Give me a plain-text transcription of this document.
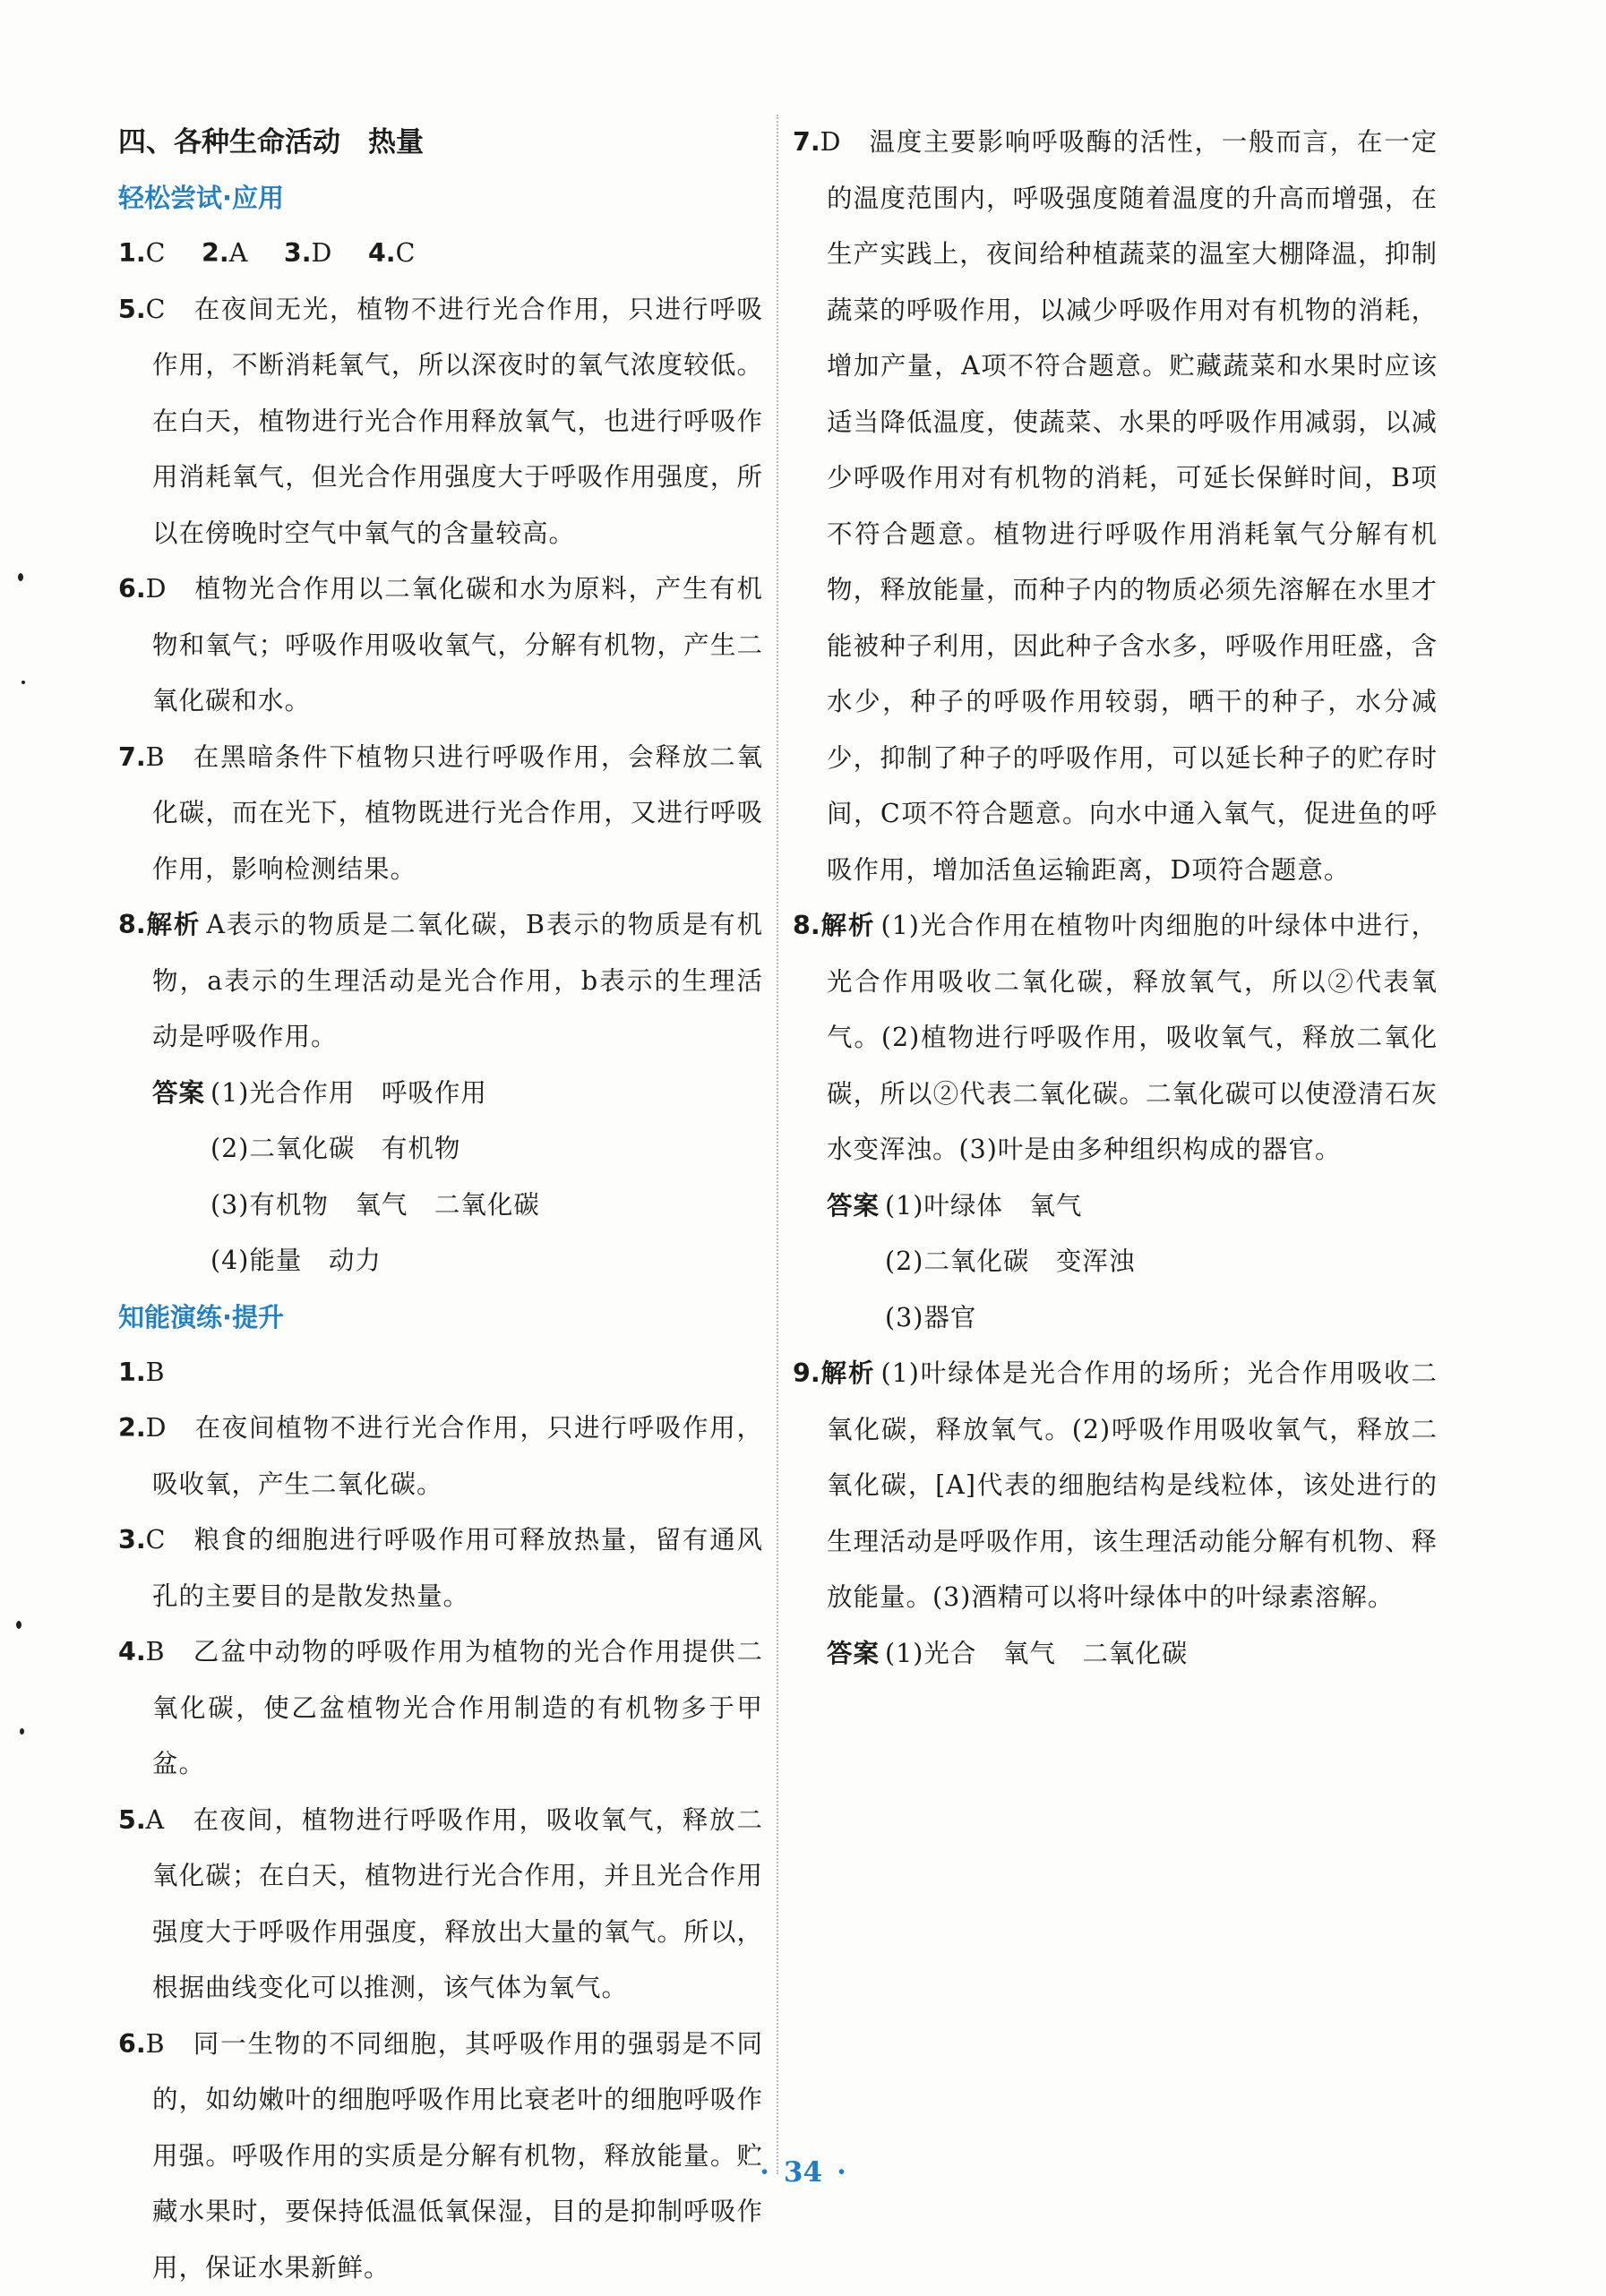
四、各种生命活动　热量
轻松尝试·应用
1.C　 2.A　 3.D　 4.C
5.C　在夜间无光，植物不进行光合作用，只进行呼吸作用，不断消耗氧气，所以深夜时的氧气浓度较低。在白天，植物进行光合作用释放氧气，也进行呼吸作用消耗氧气，但光合作用强度大于呼吸作用强度，所以在傍晚时空气中氧气的含量较高。
6.D　植物光合作用以二氧化碳和水为原料，产生有机物和氧气；呼吸作用吸收氧气，分解有机物，产生二氧化碳和水。
7.B　在黑暗条件下植物只进行呼吸作用，会释放二氧化碳，而在光下，植物既进行光合作用，又进行呼吸作用，影响检测结果。
8.解析 A表示的物质是二氧化碳，B表示的物质是有机物，a表示的生理活动是光合作用，b表示的生理活动是呼吸作用。
答案 (1)光合作用　呼吸作用
(2)二氧化碳　有机物
(3)有机物　氧气　二氧化碳
(4)能量　动力
知能演练·提升
1.B
2.D　在夜间植物不进行光合作用，只进行呼吸作用，吸收氧，产生二氧化碳。
3.C　粮食的细胞进行呼吸作用可释放热量，留有通风孔的主要目的是散发热量。
4.B　乙盆中动物的呼吸作用为植物的光合作用提供二氧化碳，使乙盆植物光合作用制造的有机物多于甲盆。
5.A　在夜间，植物进行呼吸作用，吸收氧气，释放二氧化碳；在白天，植物进行光合作用，并且光合作用强度大于呼吸作用强度，释放出大量的氧气。所以，根据曲线变化可以推测，该气体为氧气。
6.B　同一生物的不同细胞，其呼吸作用的强弱是不同的，如幼嫩叶的细胞呼吸作用比衰老叶的细胞呼吸作用强。呼吸作用的实质是分解有机物，释放能量。贮藏水果时，要保持低温低氧保湿，目的是抑制呼吸作用，保证水果新鲜。
7.D　温度主要影响呼吸酶的活性，一般而言，在一定的温度范围内，呼吸强度随着温度的升高而增强，在生产实践上，夜间给种植蔬菜的温室大棚降温，抑制蔬菜的呼吸作用，以减少呼吸作用对有机物的消耗，增加产量，A项不符合题意。贮藏蔬菜和水果时应该适当降低温度，使蔬菜、水果的呼吸作用减弱，以减少呼吸作用对有机物的消耗，可延长保鲜时间，B项不符合题意。植物进行呼吸作用消耗氧气分解有机物，释放能量，而种子内的物质必须先溶解在水里才能被种子利用，因此种子含水多，呼吸作用旺盛，含水少，种子的呼吸作用较弱，晒干的种子，水分减少，抑制了种子的呼吸作用，可以延长种子的贮存时间，C项不符合题意。向水中通入氧气，促进鱼的呼吸作用，增加活鱼运输距离，D项符合题意。
8.解析 (1)光合作用在植物叶肉细胞的叶绿体中进行，光合作用吸收二氧化碳，释放氧气，所以②代表氧气。(2)植物进行呼吸作用，吸收氧气，释放二氧化碳，所以②代表二氧化碳。二氧化碳可以使澄清石灰水变浑浊。(3)叶是由多种组织构成的器官。
答案 (1)叶绿体　氧气
(2)二氧化碳　变浑浊
(3)器官
9.解析 (1)叶绿体是光合作用的场所；光合作用吸收二氧化碳，释放氧气。(2)呼吸作用吸收氧气，释放二氧化碳，[A]代表的细胞结构是线粒体，该处进行的生理活动是呼吸作用，该生理活动能分解有机物、释放能量。(3)酒精可以将叶绿体中的叶绿素溶解。
答案 (1)光合　氧气　二氧化碳
· 34 ·
